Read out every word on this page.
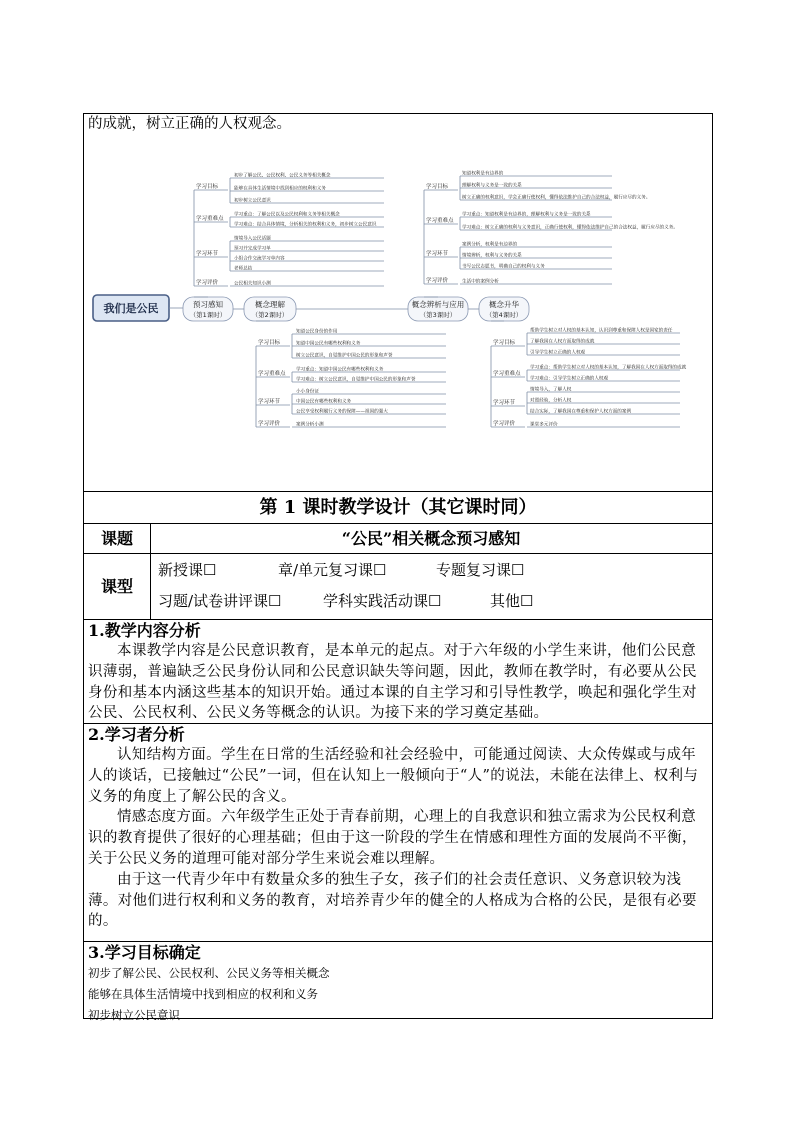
的成就，树立正确的人权观念。
我们是公民	预习感知
（第1课时）
概念理解
（第2课时）
概念辨析与应用
（第3课时）
概念升华
（第4课时）
学习目标
初步了解公民、公民权利、公民义务等相关概念
能够在具体生活情境中找到相应的权利和义务
初步树立公民意识
学习重难点
学习重点：了解公民以及公民权利和义务等相关概念
学习难点：结合具体情境，分析相关的权利和义务，初步树立公民意识
学习环节
情境导入公民话题
预习并完成学习单
小组合作交流学习单内容
老师总结
学习评价	公民相关知识小测
学习目标
知道公民身份的作用
知道中国公民有哪些权利和义务
树立公民意识，自觉维护中国公民的形象和声誉
学习重难点
学习重点：知道中国公民有哪些权利和义务
学习难点：树立公民意识，自觉维护中国公民的形象和声誉
学习环节
小小身份证
中国公民有哪些权利和义务
公民享受权利履行义务的保障——祖国的强大
学习评价	案例分析小测
学习目标
知道权利是有边界的
理解权利与义务是一致的关系
树立正确的权利意识，学会正确行使权利，懂得依法维护自己的合法权益，履行应尽的义务。
学习重难点
学习重点：知道权利是有边界的，理解权利与义务是一致的关系
学习难点：树立正确的权利与义务意识，正确行使权利，懂得依法维护自己的合法权益，履行应尽的义务。
学习环节
案例分析，权利是有边界的
情境辨析，权利与义务的关系
书写公民志愿书，明确自己的权利与义务
学习评价	生活中的案例分析
学习目标
帮助学生树立对人权的基本认知，认识到尊重和保障人权是国家的责任
了解我国在人权方面取得的成就
引导学生树立正确的人权观
学习重难点
学习重点：帮助学生树立对人权的基本认知，了解我国在人权方面取得的成就
学习难点：引导学生树立正确的人权观
学习环节
情境导入，了解人权
对照经验，分析人权
结合实际，了解我国在尊重和保护人权方面的案例
学习评价	课堂多元评价
第 1 课时教学设计（其它课时同）
课题	“公民”相关概念预习感知
课型
新授课☐	章/单元复习课☐	专题复习课☐
习题/试卷讲评课☐	学科实践活动课☐	其他☐
1.教学内容分析
本课教学内容是公民意识教育，是本单元的起点。对于六年级的小学生来讲，他们公民意识薄弱，普遍缺乏公民身份认同和公民意识缺失等问题，因此，教师在教学时，有必要从公民身份和基本内涵这些基本的知识开始。通过本课的自主学习和引导性教学，唤起和强化学生对公民、公民权利、公民义务等概念的认识。为接下来的学习奠定基础。
2.学习者分析
认知结构方面。学生在日常的生活经验和社会经验中，可能通过阅读、大众传媒或与成年人的谈话，已接触过“公民”一词，但在认知上一般倾向于“人”的说法，未能在法律上、权利与义务的角度上了解公民的含义。
情感态度方面。六年级学生正处于青春前期，心理上的自我意识和独立需求为公民权利意识的教育提供了很好的心理基础；但由于这一阶段的学生在情感和理性方面的发展尚不平衡，关于公民义务的道理可能对部分学生来说会难以理解。
由于这一代青少年中有数量众多的独生子女，孩子们的社会责任意识、义务意识较为浅薄。对他们进行权利和义务的教育，对培养青少年的健全的人格成为合格的公民，是很有必要的。
3.学习目标确定
初步了解公民、公民权利、公民义务等相关概念
能够在具体生活情境中找到相应的权利和义务
初步树立公民意识
